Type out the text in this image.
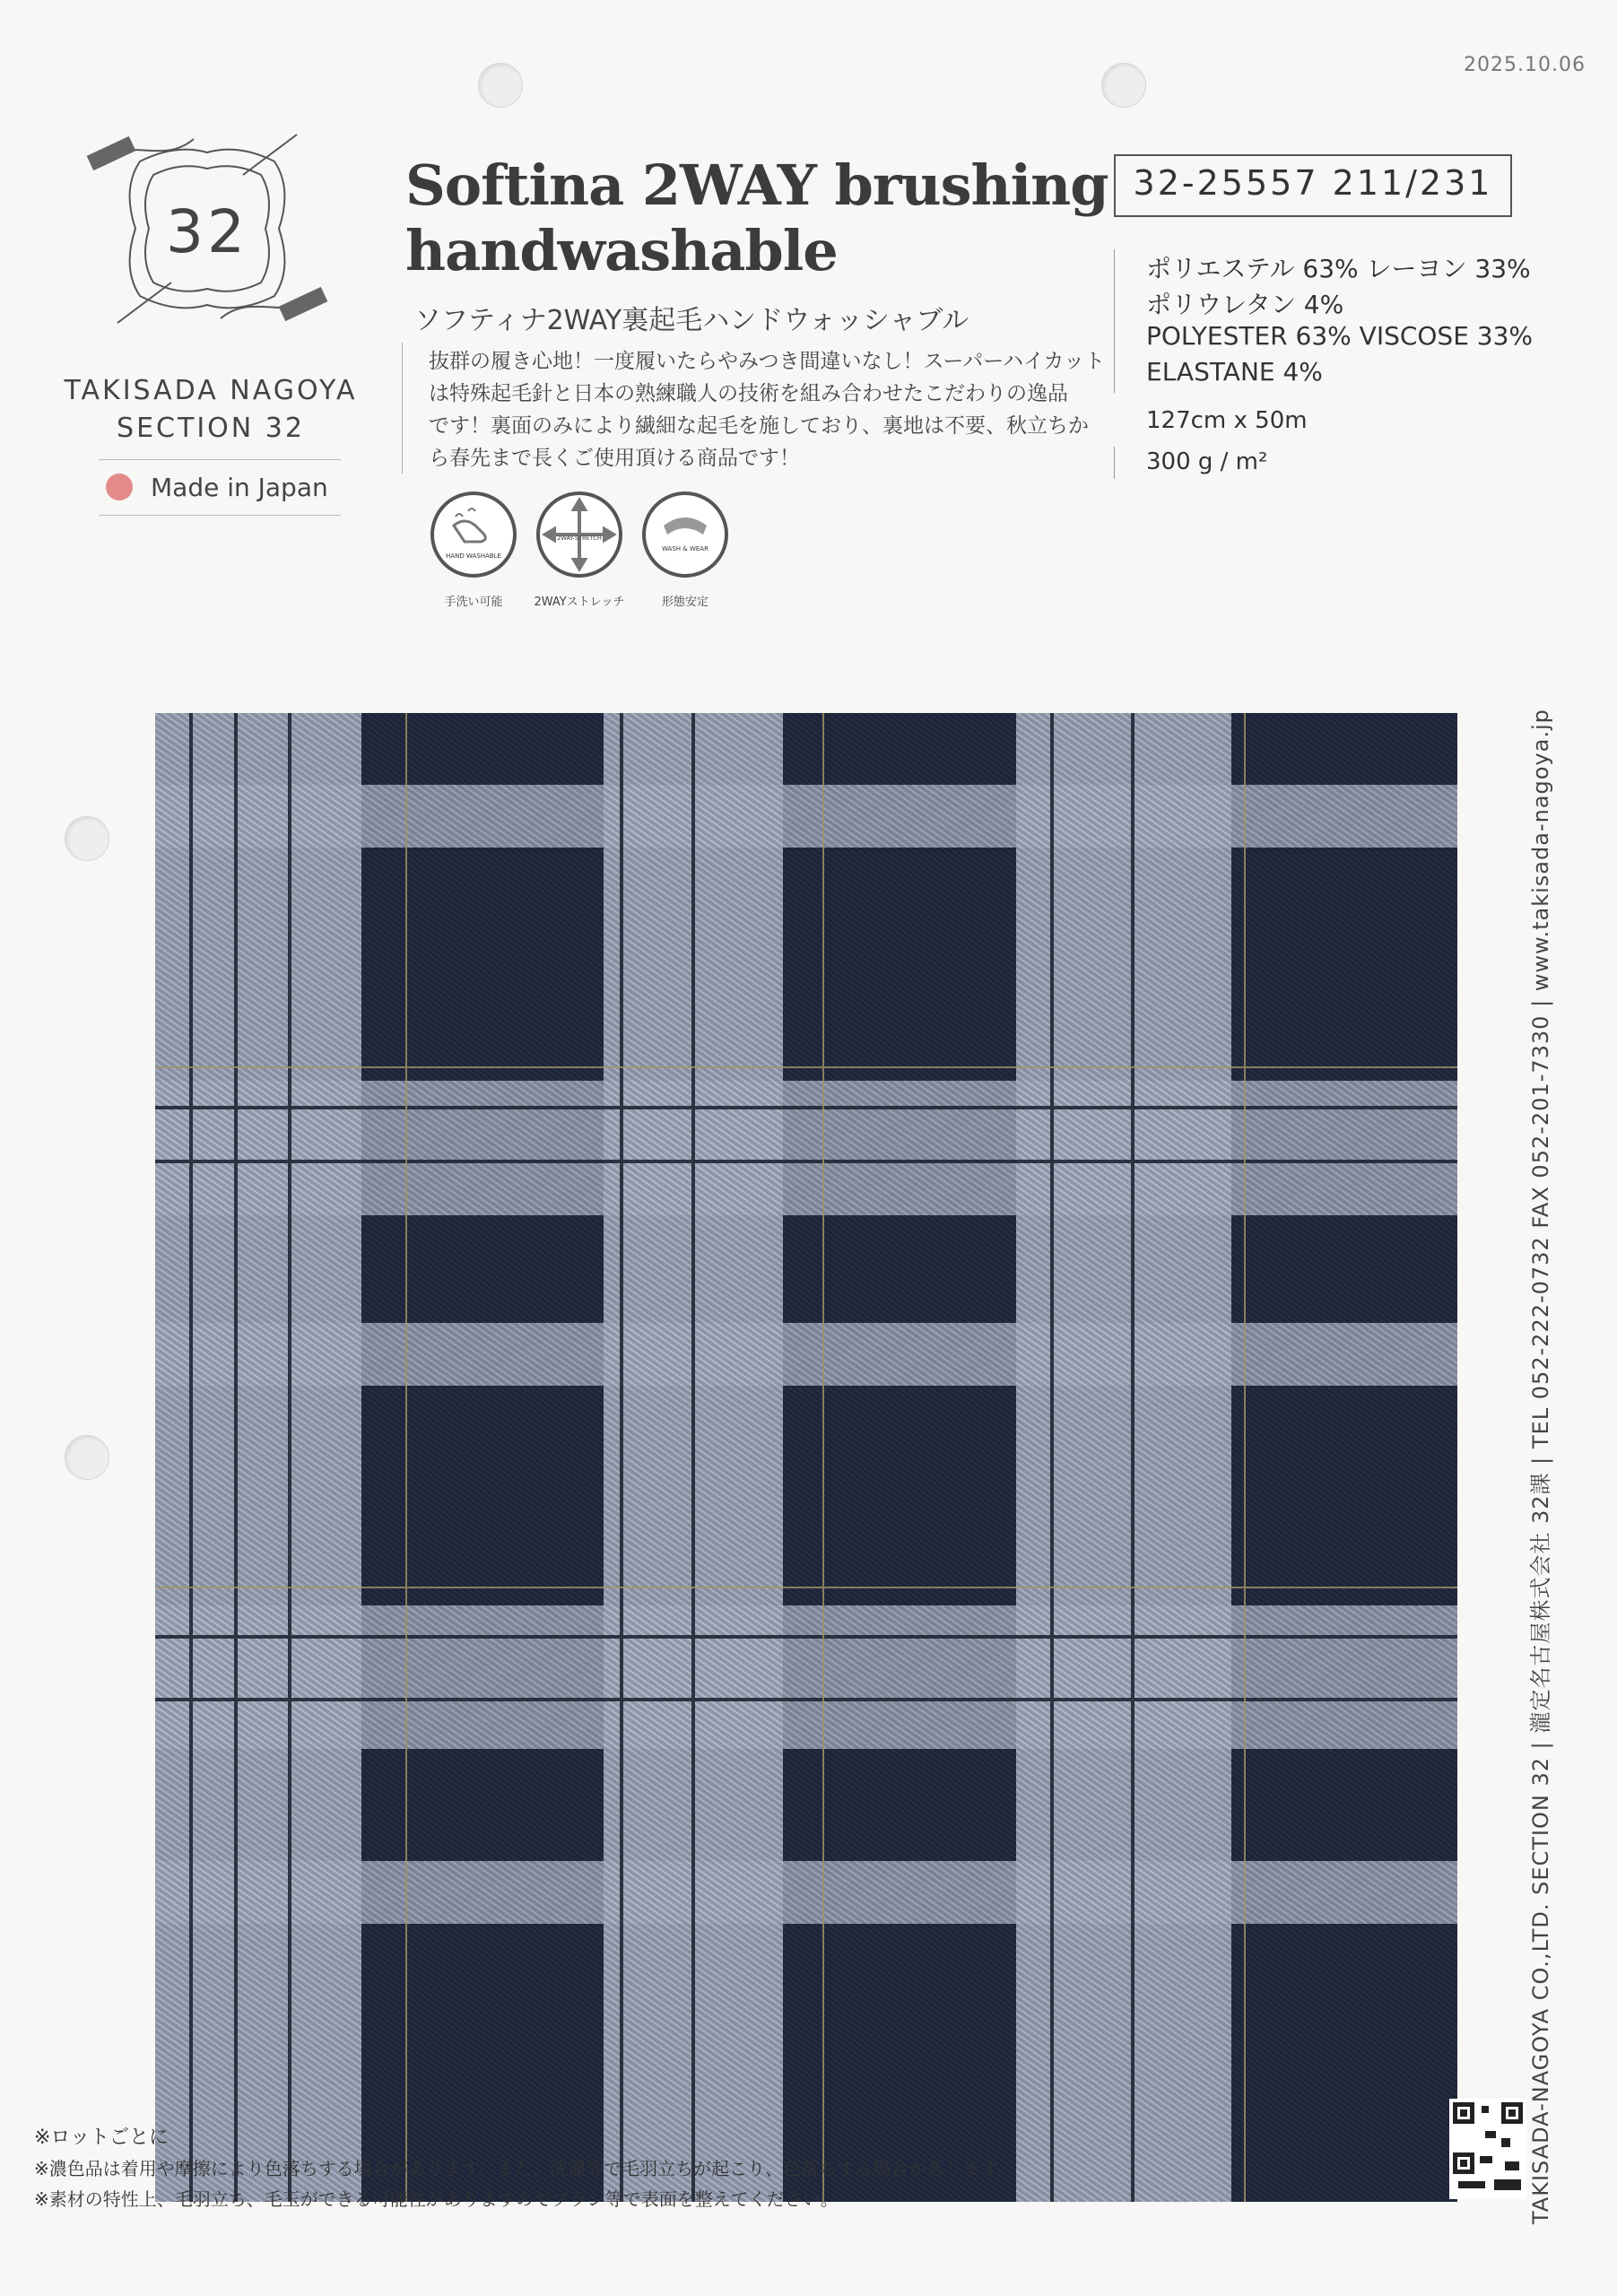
2025.10.06
32
TAKISADA NAGOYA
SECTION 32
Made in Japan
Softina 2WAY brushing
handwashable
ソフティナ2WAY裏起毛ハンドウォッシャブル
抜群の履き心地！一度履いたらやみつき間違いなし！スーパーハイカット
は特殊起毛針と日本の熟練職人の技術を組み合わせたこだわりの逸品
です！裏面のみにより繊細な起毛を施しており、裏地は不要、秋立ちか
ら春先まで長くご使用頂ける商品です！
HAND WASHABLE
2WAY-STRETCH
WASH & WEAR
手洗い可能	2WAYストレッチ	形態安定
32-25557 211/231
ポリエステル 63% レーヨン 33%
ポリウレタン 4%
POLYESTER 63% VISCOSE 33%
ELASTANE 4%
127cm x 50m
300 g / m²
TAKISADA-NAGOYA CO.,LTD. SECTION 32 | 瀧定名古屋株式会社 32課 | TEL 052-222-0732 FAX 052-201-7330 | www.takisada-nagoya.jp
※ロットごとに
※濃色品は着用や摩擦により色落ちする場合があります。また、洗濯等で毛羽立ちが起こり、色落ちする場合があります。
※素材の特性上、毛羽立ち、毛玉ができる可能性がありますのでブラシ等で表面を整えてください。
